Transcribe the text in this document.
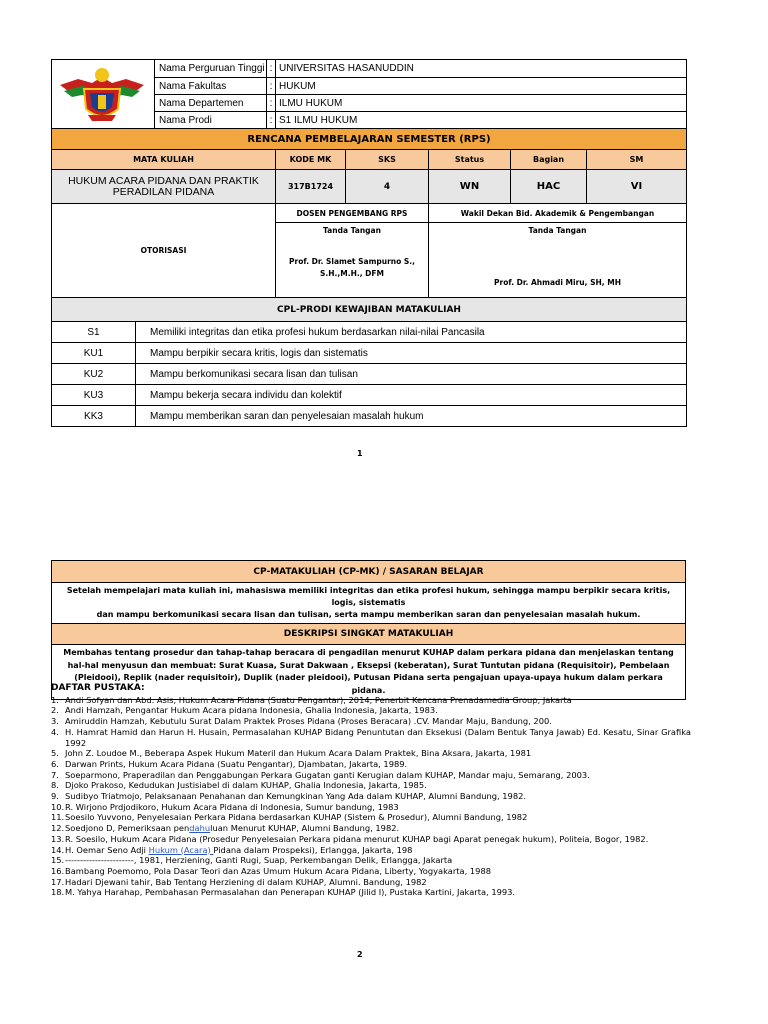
	Nama Perguruan Tinggi	:	UNIVERSITAS HASANUDDIN				
		Nama Fakultas	:	HUKUM				
		Nama Departemen	:	ILMU HUKUM				
		Nama Prodi	:	S1 ILMU HUKUM				
RENCANA PEMBELAJARAN SEMESTER (RPS)								
MATA KULIAH				KODE MK	SKS	Status	Bagian	SM
HUKUM ACARA PIDANA DAN PRAKTIK PERADILAN PIDANA				317B1724	4	WN	HAC	VI
OTORISASI				DOSEN PENGEMBANG RPS		Wakil Dekan Bid. Akademik & Pengembangan		
				Tanda Tangan		Tanda Tangan		

				Prof. Dr. Slamet Sampurno S.,
S.H.,M.H., DFM		Prof. Dr. Ahmadi Miru, SH, MH		
CPL-PRODI KEWAJIBAN MATAKULIAH								
S1	Memiliki integritas dan etika profesi hukum berdasarkan nilai-nilai Pancasila							
KU1	Mampu berpikir secara kritis, logis dan sistematis							
KU2	Mampu berkomunikasi secara lisan dan tulisan							
KU3	Mampu bekerja secara individu dan kolektif							
KK3	Mampu memberikan saran dan penyelesaian masalah hukum							
1
CP-MATAKULIAH (CP-MK) / SASARAN BELAJAR

Setelah mempelajari mata kuliah ini, mahasiswa memiliki integritas dan etika profesi hukum, sehingga mampu berpikir secara kritis, logis, sistematis
dan mampu berkomunikasi secara lisan dan tulisan, serta mampu memberikan saran dan penyelesaian masalah hukum.

DESKRIPSI SINGKAT MATAKULIAH
Membahas tentang prosedur dan tahap-tahap beracara di pengadilan menurut KUHAP dalam perkara pidana dan menjelaskan tentang hal-hal menyusun dan membuat: Surat Kuasa, Surat Dakwaan , Eksepsi (keberatan), Surat Tuntutan pidana (Requisitoir), Pembelaan (Pleidooi), Replik (nader requisitoir), Duplik (nader pleidooi), Putusan Pidana serta pengajuan upaya-upaya hukum dalam perkara pidana.
DAFTAR PUSTAKA:
1. Andi Sofyan dan Abd. Asis, Hukum Acara Pidana (Suatu Pengantar), 2014, Penerbit Kencana Prenadamedia Group, Jakarta
2. Andi Hamzah, Pengantar Hukum Acara pidana Indonesia, Ghalia Indonesia, Jakarta, 1983.
3. Amiruddin Hamzah, Kebutulu Surat Dalam Praktek Proses Pidana (Proses Beracara) .CV. Mandar Maju, Bandung, 200.
4. H. Hamrat Hamid dan Harun H. Husain, Permasalahan KUHAP Bidang Penuntutan dan Eksekusi (Dalam Bentuk Tanya Jawab) Ed. Kesatu, Sinar Grafika 1992
5. John Z. Loudoe M., Beberapa Aspek Hukum Materil dan Hukum Acara Dalam Praktek, Bina Aksara, Jakarta, 1981
6. Darwan Prints, Hukum Acara Pidana (Suatu Pengantar), Djambatan, Jakarta, 1989.
7. Soeparmono, Praperadilan dan Penggabungan Perkara Gugatan ganti Kerugian dalam KUHAP, Mandar maju, Semarang, 2003.
8. Djoko Prakoso, Kedudukan Justisiabel di dalam KUHAP, Ghalia Indonesia, Jakarta, 1985.
9. Sudibyo Triatmojo, Pelaksanaan Penahanan dan Kemungkinan Yang Ada dalam KUHAP, Alumni Bandung, 1982.
10. R. Wirjono Prdjodikoro, Hukum Acara Pidana di Indonesia, Sumur bandung, 1983
11. Soesilo Yuvvono, Penyelesaian Perkara Pidana berdasarkan KUHAP (Sistem & Prosedur), Alumni Bandung, 1982
12. Soedjono D, Pemeriksaan pendahuluan Menurut KUHAP, Alumni Bandung, 1982.
13. R. Soesilo, Hukum Acara Pidana (Prosedur Penyelesaian Perkara pidana menurut KUHAP bagi Aparat penegak hukum), Politeia, Bogor, 1982.
14. H. Oemar Seno Adji Hukum (Acara) Pidana dalam Prospeksi), Erlangga, Jakarta, 198
15. -----------------------, 1981, Herziening, Ganti Rugi, Suap, Perkembangan Delik, Erlangga, Jakarta
16. Bambang Poemomo, Pola Dasar Teori dan Azas Umum Hukum Acara Pidana, Liberty, Yogyakarta, 1988
17. Hadari Djewani tahir, Bab Tentang Herziening di dalam KUHAP, Alumni. Bandung, 1982
18. M. Yahya Harahap, Pembahasan Permasalahan dan Penerapan KUHAP (Jilid I), Pustaka Kartini, Jakarta, 1993.
2
